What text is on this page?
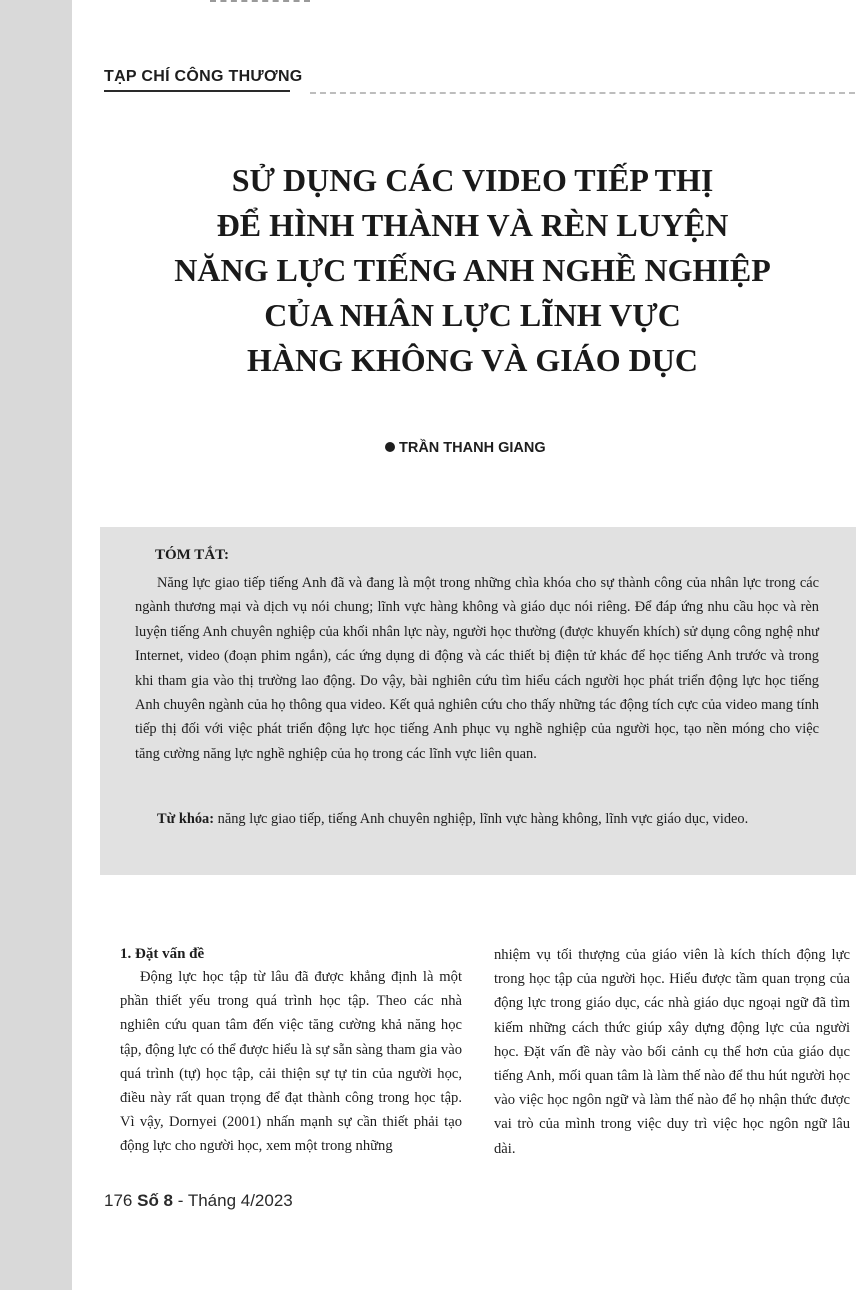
TẠP CHÍ CÔNG THƯƠNG
SỬ DỤNG CÁC VIDEO TIẾP THỊ
ĐỂ HÌNH THÀNH VÀ RÈN LUYỆN
NĂNG LỰC TIẾNG ANH NGHỀ NGHIỆP
CỦA NHÂN LỰC LĨNH VỰC
HÀNG KHÔNG VÀ GIÁO DỤC
TRẦN THANH GIANG
TÓM TẮT:
Năng lực giao tiếp tiếng Anh đã và đang là một trong những chìa khóa cho sự thành công của nhân lực trong các ngành thương mại và dịch vụ nói chung; lĩnh vực hàng không và giáo dục nói riêng. Để đáp ứng nhu cầu học và rèn luyện tiếng Anh chuyên nghiệp của khối nhân lực này, người học thường (được khuyến khích) sử dụng công nghệ như Internet, video (đoạn phim ngắn), các ứng dụng di động và các thiết bị điện tử khác để học tiếng Anh trước và trong khi tham gia vào thị trường lao động. Do vậy, bài nghiên cứu tìm hiểu cách người học phát triển động lực học tiếng Anh chuyên ngành của họ thông qua video. Kết quả nghiên cứu cho thấy những tác động tích cực của video mang tính tiếp thị đối với việc phát triển động lực học tiếng Anh phục vụ nghề nghiệp của người học, tạo nền móng cho việc tăng cường năng lực nghề nghiệp của họ trong các lĩnh vực liên quan.
Từ khóa: năng lực giao tiếp, tiếng Anh chuyên nghiệp, lĩnh vực hàng không, lĩnh vực giáo dục, video.
1. Đặt vấn đề
Động lực học tập từ lâu đã được khẳng định là một phần thiết yếu trong quá trình học tập. Theo các nhà nghiên cứu quan tâm đến việc tăng cường khả năng học tập, động lực có thể được hiểu là sự sẵn sàng tham gia vào quá trình (tự) học tập, cải thiện sự tự tin của người học, điều này rất quan trọng để đạt thành công trong học tập. Vì vậy, Dornyei (2001) nhấn mạnh sự cần thiết phải tạo động lực cho người học, xem một trong những
nhiệm vụ tối thượng của giáo viên là kích thích động lực trong học tập của người học. Hiểu được tầm quan trọng của động lực trong giáo dục, các nhà giáo dục ngoại ngữ đã tìm kiếm những cách thức giúp xây dựng động lực của người học. Đặt vấn đề này vào bối cảnh cụ thể hơn của giáo dục tiếng Anh, mối quan tâm là làm thế nào để thu hút người học vào việc học ngôn ngữ và làm thế nào để họ nhận thức được vai trò của mình trong việc duy trì việc học ngôn ngữ lâu dài.
176 Số 8 - Tháng 4/2023
